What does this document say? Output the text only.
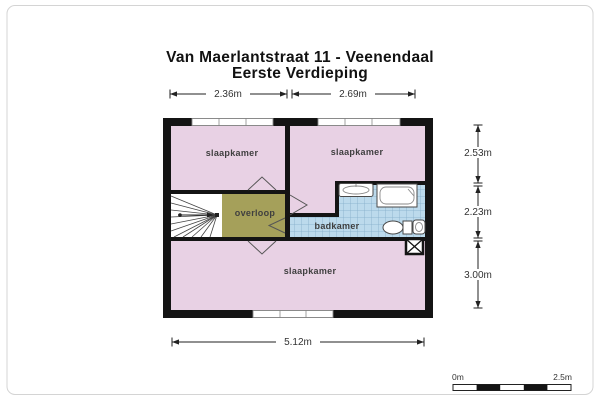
Van Maerlantstraat 11 - Veenendaal
Eerste Verdieping
slaapkamer	slaapkamer
overloop
badkamer
slaapkamer
2.36m	2.69m
2.53m
2.23m
3.00m
5.12m
0m	2.5m
